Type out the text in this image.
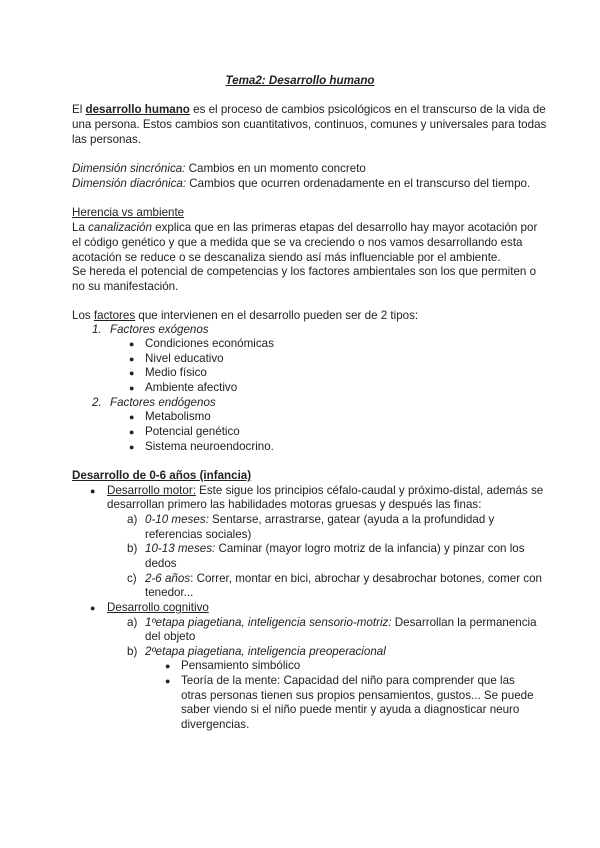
Tema2: Desarrollo humano
El desarrollo humano es el proceso de cambios psicológicos en el transcurso de la vida de
una persona. Estos cambios son cuantitativos, continuos, comunes y universales para todas
las personas.
Dimensión sincrónica: Cambios en un momento concreto
Dimensión diacrónica: Cambios que ocurren ordenadamente en el transcurso del tiempo.
Herencia vs ambiente
La canalización explica que en las primeras etapas del desarrollo hay mayor acotación por
el código genético y que a medida que se va creciendo o nos vamos desarrollando esta
acotación se reduce o se descanaliza siendo así más influenciable por el ambiente.
Se hereda el potencial de competencias y los factores ambientales son los que permiten o
no su manifestación.
Los factores que intervienen en el desarrollo pueden ser de 2 tipos:
1. Factores exógenos
● Condiciones económicas
● Nivel educativo
● Medio físico
● Ambiente afectivo
2. Factores endógenos
● Metabolismo
● Potencial genético
● Sistema neuroendocrino.
Desarrollo de 0-6 años (infancia)
● Desarrollo motor: Este sigue los principios céfalo-caudal y próximo-distal, además se
desarrollan primero las habilidades motoras gruesas y después las finas:
a) 0-10 meses: Sentarse, arrastrarse, gatear (ayuda a la profundidad y
referencias sociales)
b) 10-13 meses: Caminar (mayor logro motriz de la infancia) y pinzar con los
dedos
c) 2-6 años: Correr, montar en bici, abrochar y desabrochar botones, comer con
tenedor...
● Desarrollo cognitivo
a) 1ºetapa piagetiana, inteligencia sensorio-motriz: Desarrollan la permanencia
del objeto
b) 2ºetapa piagetiana, inteligencia preoperacional
● Pensamiento simbólico
● Teoría de la mente: Capacidad del niño para comprender que las
otras personas tienen sus propios pensamientos, gustos... Se puede
saber viendo si el niño puede mentir y ayuda a diagnosticar neuro
divergencias.
